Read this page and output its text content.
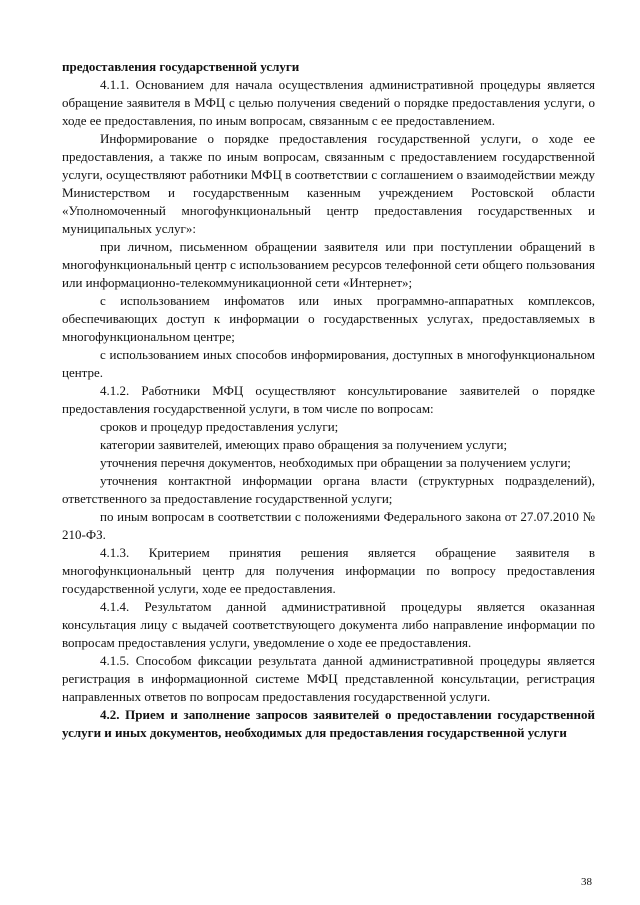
предоставления государственной услуги

4.1.1. Основанием для начала осуществления административной процедуры является обращение заявителя в МФЦ с целью получения сведений о порядке предоставления услуги, о ходе ее предоставления, по иным вопросам, связанным с ее предоставлением.

Информирование о порядке предоставления государственной услуги, о ходе ее предоставления, а также по иным вопросам, связанным с предоставлением государственной услуги, осуществляют работники МФЦ в соответствии с соглашением о взаимодействии между Министерством и государственным казенным учреждением Ростовской области «Уполномоченный многофункциональный центр предоставления государственных и муниципальных услуг»:

при личном, письменном обращении заявителя или при поступлении обращений в многофункциональный центр с использованием ресурсов телефонной сети общего пользования или информационно-телекоммуникационной сети «Интернет»;

с использованием инфоматов или иных программно-аппаратных комплексов, обеспечивающих доступ к информации о государственных услугах, предоставляемых в многофункциональном центре;

с использованием иных способов информирования, доступных в многофункциональном центре.

4.1.2. Работники МФЦ осуществляют консультирование заявителей о порядке предоставления государственной услуги, в том числе по вопросам:

сроков и процедур предоставления услуги;

категории заявителей, имеющих право обращения за получением услуги;

уточнения перечня документов, необходимых при обращении за получением услуги;

уточнения контактной информации органа власти (структурных подразделений), ответственного за предоставление государственной услуги;

по иным вопросам в соответствии с положениями Федерального закона от 27.07.2010 № 210-ФЗ.

4.1.3. Критерием принятия решения является обращение заявителя в многофункциональный центр для получения информации по вопросу предоставления государственной услуги, ходе ее предоставления.

4.1.4. Результатом данной административной процедуры является оказанная консультация лицу с выдачей соответствующего документа либо направление информации по вопросам предоставления услуги, уведомление о ходе ее предоставления.

4.1.5. Способом фиксации результата данной административной процедуры является регистрация в информационной системе МФЦ представленной консультации, регистрация направленных ответов по вопросам предоставления государственной услуги.

4.2. Прием и заполнение запросов заявителей о предоставлении государственной услуги и иных документов, необходимых для предоставления государственной услуги

38
